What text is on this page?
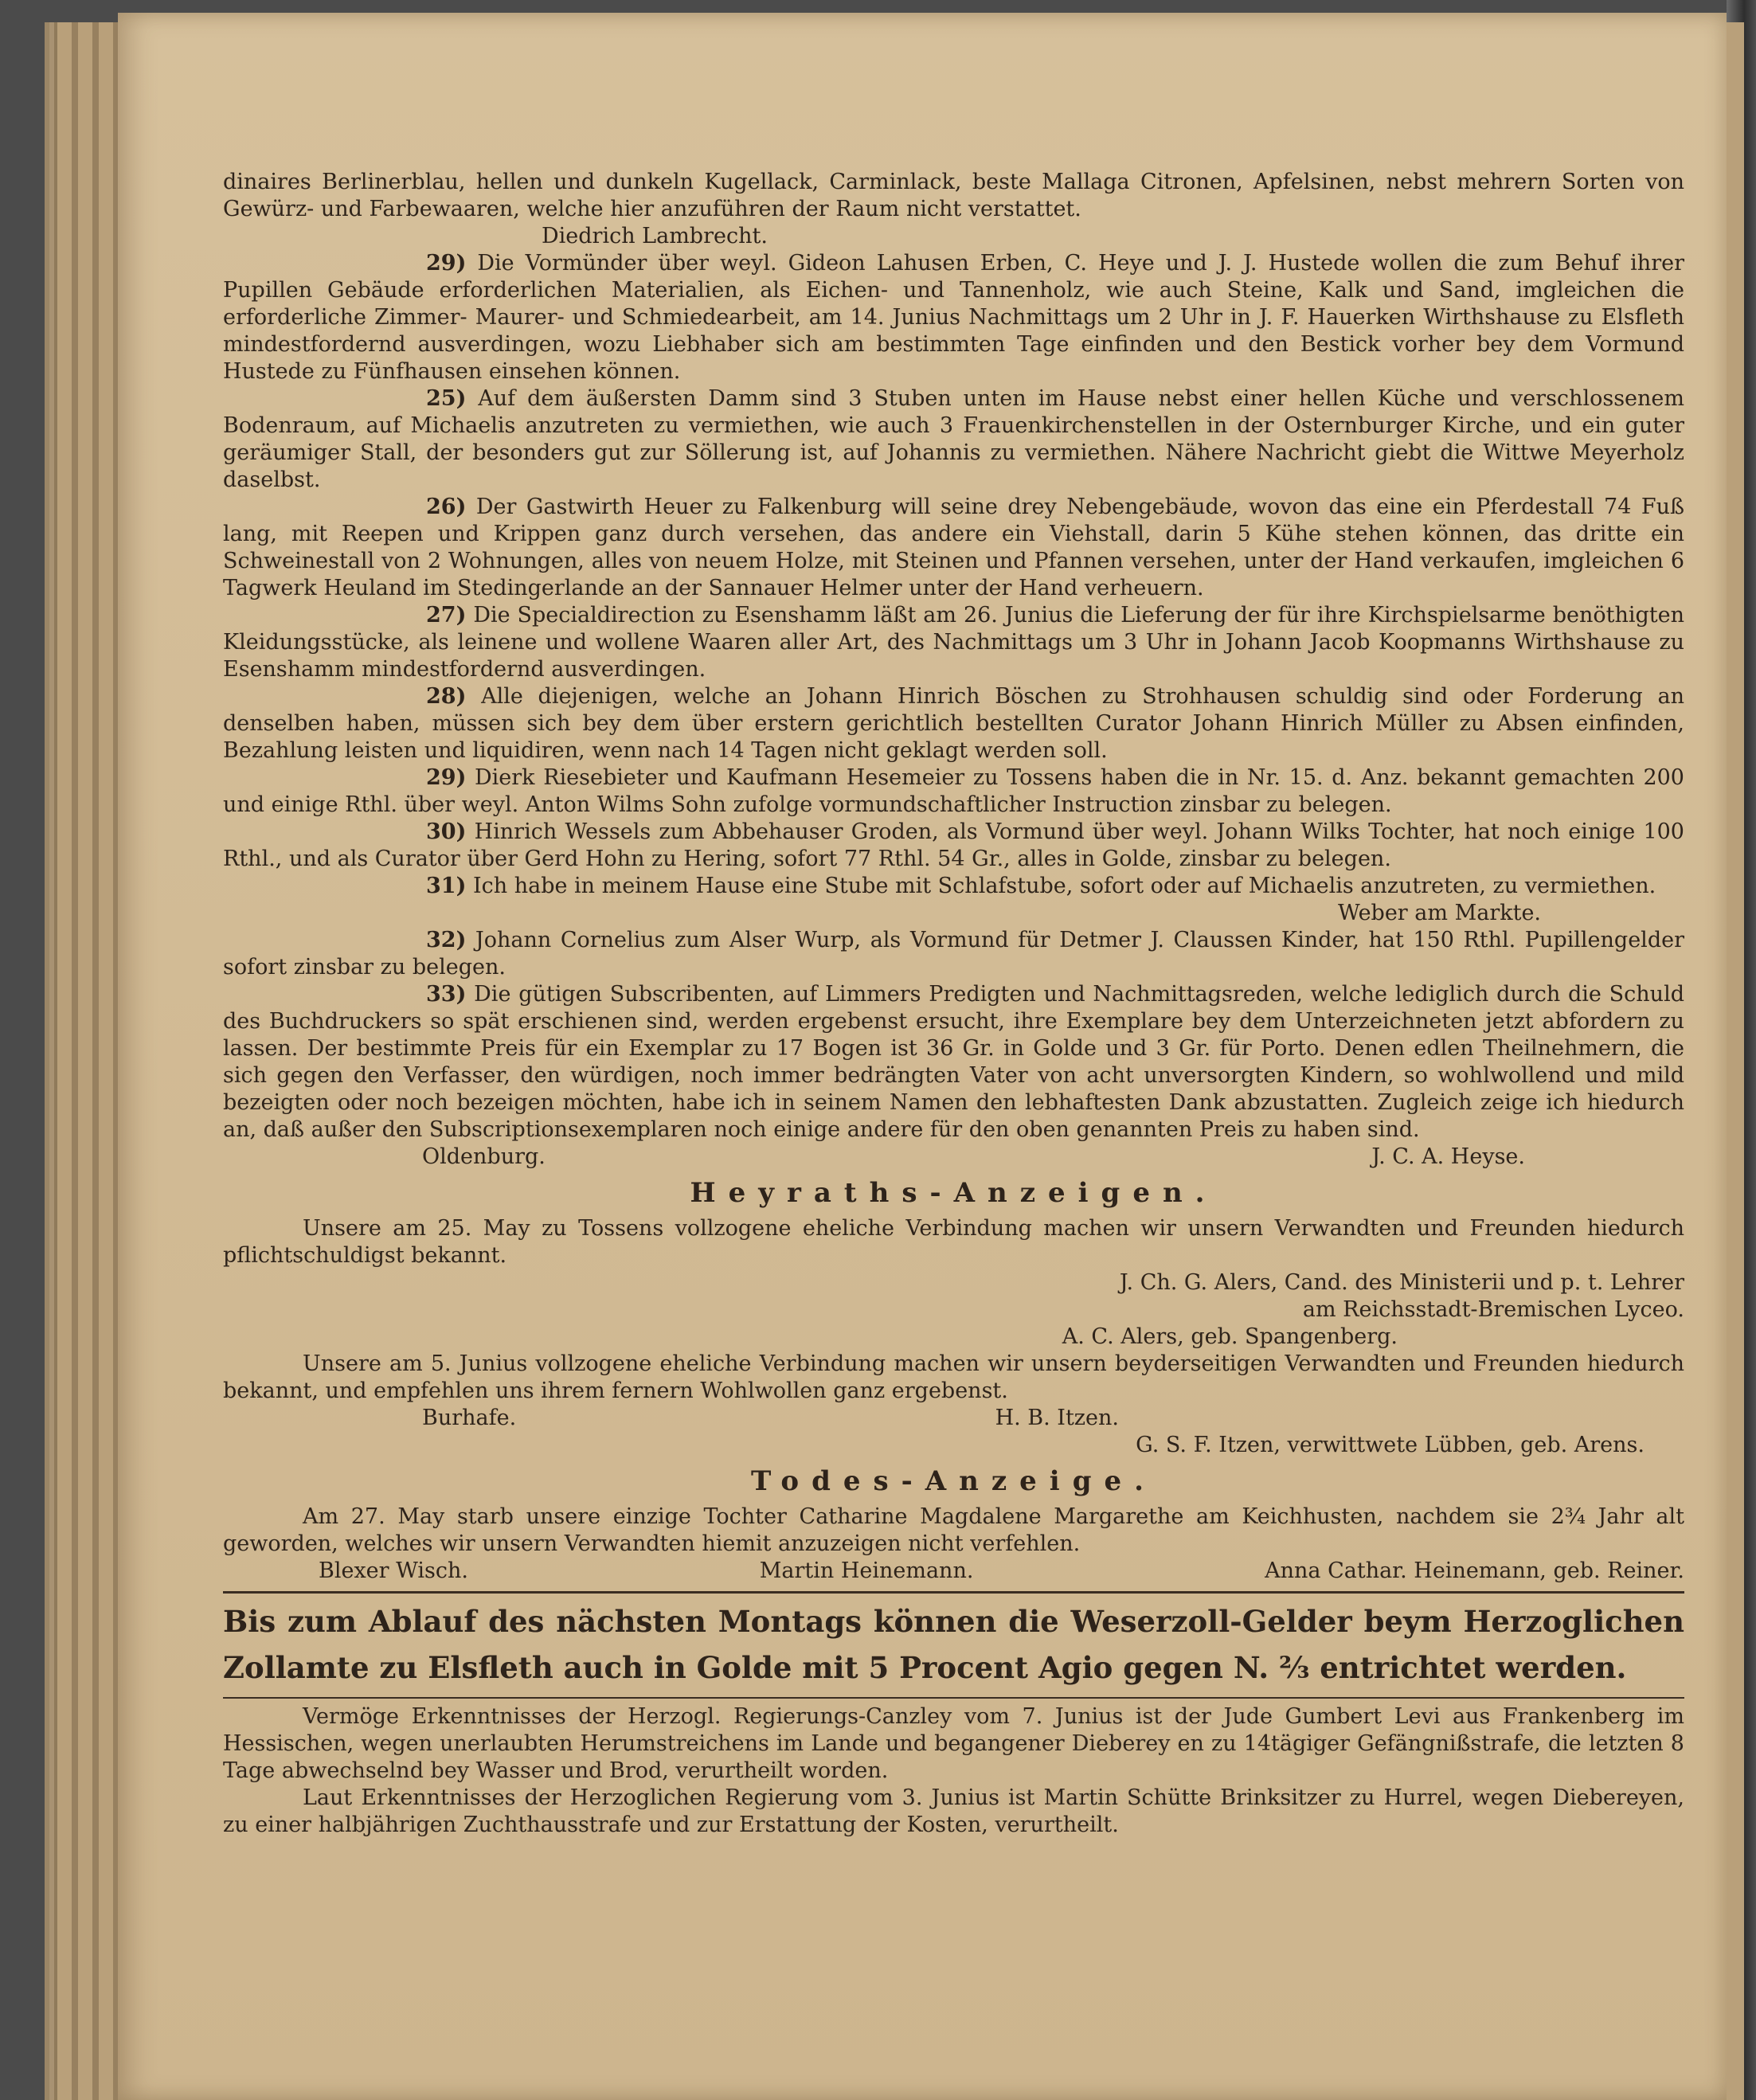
dinaires Berlinerblau, hellen und dunkeln Kugellack, Carminlack, beste Mallaga Citronen, Apfelsinen, nebst mehrern Sorten von Gewürz- und Farbewaaren, welche hier anzuführen der Raum nicht verstattet.

Diedrich Lambrecht.

29) Die Vormünder über weyl. Gideon Lahusen Erben, C. Heye und J. J. Hustede wollen die zum Behuf ihrer Pupillen Gebäude erforderlichen Materialien, als Eichen- und Tannenholz, wie auch Steine, Kalk und Sand, imgleichen die erforderliche Zimmer- Maurer- und Schmiedearbeit, am 14. Junius Nachmittags um 2 Uhr in J. F. Hauerken Wirthshause zu Elsfleth mindestfordernd ausverdingen, wozu Liebhaber sich am bestimmten Tage einfinden und den Bestick vorher bey dem Vormund Hustede zu Fünfhausen einsehen können.

25) Auf dem äußersten Damm sind 3 Stuben unten im Hause nebst einer hellen Küche und verschlossenem Bodenraum, auf Michaelis anzutreten zu vermiethen, wie auch 3 Frauenkirchenstellen in der Osternburger Kirche, und ein guter geräumiger Stall, der besonders gut zur Söllerung ist, auf Johannis zu vermiethen. Nähere Nachricht giebt die Wittwe Meyerholz daselbst.

26) Der Gastwirth Heuer zu Falkenburg will seine drey Nebengebäude, wovon das eine ein Pferdestall 74 Fuß lang, mit Reepen und Krippen ganz durch versehen, das andere ein Viehstall, darin 5 Kühe stehen können, das dritte ein Schweinestall von 2 Wohnungen, alles von neuem Holze, mit Steinen und Pfannen versehen, unter der Hand verkaufen, imgleichen 6 Tagwerk Heuland im Stedingerlande an der Sannauer Helmer unter der Hand verheuern.

27) Die Specialdirection zu Esenshamm läßt am 26. Junius die Lieferung der für ihre Kirchspielsarme benöthigten Kleidungsstücke, als leinene und wollene Waaren aller Art, des Nachmittags um 3 Uhr in Johann Jacob Koopmanns Wirthshause zu Esenshamm mindestfordernd ausverdingen.

28) Alle diejenigen, welche an Johann Hinrich Böschen zu Strohhausen schuldig sind oder Forderung an denselben haben, müssen sich bey dem über erstern gerichtlich bestellten Curator Johann Hinrich Müller zu Absen einfinden, Bezahlung leisten und liquidiren, wenn nach 14 Tagen nicht geklagt werden soll.

29) Dierk Riesebieter und Kaufmann Hesemeier zu Tossens haben die in Nr. 15. d. Anz. bekannt gemachten 200 und einige Rthl. über weyl. Anton Wilms Sohn zufolge vormundschaftlicher Instruction zinsbar zu belegen.

30) Hinrich Wessels zum Abbehauser Groden, als Vormund über weyl. Johann Wilks Tochter, hat noch einige 100 Rthl., und als Curator über Gerd Hohn zu Hering, sofort 77 Rthl. 54 Gr., alles in Golde, zinsbar zu belegen.

31) Ich habe in meinem Hause eine Stube mit Schlafstube, sofort oder auf Michaelis anzutreten, zu vermiethen.

Weber am Markte.

32) Johann Cornelius zum Alser Wurp, als Vormund für Detmer J. Claussen Kinder, hat 150 Rthl. Pupillengelder sofort zinsbar zu belegen.

33) Die gütigen Subscribenten, auf Limmers Predigten und Nachmittagsreden, welche lediglich durch die Schuld des Buchdruckers so spät erschienen sind, werden ergebenst ersucht, ihre Exemplare bey dem Unterzeichneten jetzt abfordern zu lassen. Der bestimmte Preis für ein Exemplar zu 17 Bogen ist 36 Gr. in Golde und 3 Gr. für Porto. Denen edlen Theilnehmern, die sich gegen den Verfasser, den würdigen, noch immer bedrängten Vater von acht unversorgten Kindern, so wohlwollend und mild bezeigten oder noch bezeigen möchten, habe ich in seinem Namen den lebhaftesten Dank abzustatten. Zugleich zeige ich hiedurch an, daß außer den Subscriptionsexemplaren noch einige andere für den oben genannten Preis zu haben sind.

Oldenburg.	J. C. A. Heyse.
Heyraths-Anzeigen.

Unsere am 25. May zu Tossens vollzogene eheliche Verbindung machen wir unsern Verwandten und Freunden hiedurch pflichtschuldigst bekannt.

J. Ch. G. Alers, Cand. des Ministerii und p. t. Lehrer

am Reichsstadt-Bremischen Lyceo.

A. C. Alers, geb. Spangenberg.

Unsere am 5. Junius vollzogene eheliche Verbindung machen wir unsern beyderseitigen Verwandten und Freunden hiedurch bekannt, und empfehlen uns ihrem fernern Wohlwollen ganz ergebenst.

Burhafe.	H. B. Itzen.

G. S. F. Itzen, verwittwete Lübben, geb. Arens.

Todes-Anzeige.

Am 27. May starb unsere einzige Tochter Catharine Magdalene Margarethe am Keichhusten, nachdem sie 2¾ Jahr alt geworden, welches wir unsern Verwandten hiemit anzuzeigen nicht verfehlen.

Blexer Wisch.	Martin Heinemann.	Anna Cathar. Heinemann, geb. Reiner.

Bis zum Ablauf des nächsten Montags können die Weserzoll-Gelder beym Herzoglichen Zollamte zu Elsfleth auch in Golde mit 5 Procent Agio gegen N. ⅔ entrichtet werden.

Vermöge Erkenntnisses der Herzogl. Regierungs-Canzley vom 7. Junius ist der Jude Gumbert Levi aus Frankenberg im Hessischen, wegen unerlaubten Herumstreichens im Lande und begangener Dieberey en zu 14tägiger Gefängnißstrafe, die letzten 8 Tage abwechselnd bey Wasser und Brod, verurtheilt worden.

Laut Erkenntnisses der Herzoglichen Regierung vom 3. Junius ist Martin Schütte Brinksitzer zu Hurrel, wegen Diebereyen, zu einer halbjährigen Zuchthausstrafe und zur Erstattung der Kosten, verurtheilt.
